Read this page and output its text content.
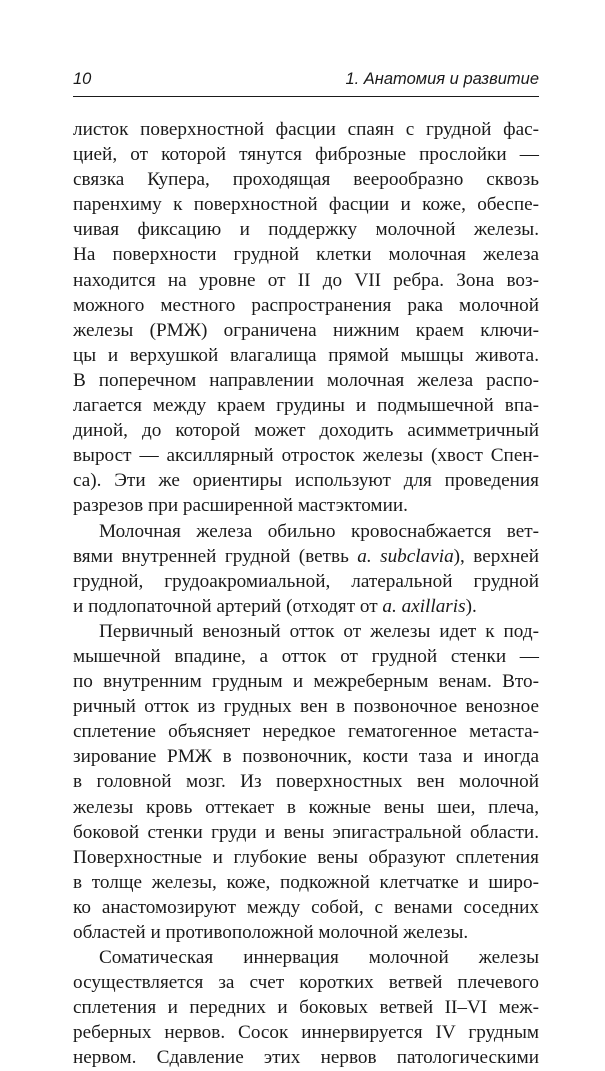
10	1. Анатомия и развитие
листок поверхностной фасции спаян с грудной фас-
цией, от которой тянутся фиброзные прослойки —
связка Купера, проходящая веерообразно сквозь
паренхиму к поверхностной фасции и коже, обеспе-
чивая фиксацию и поддержку молочной железы.
На поверхности грудной клетки молочная железа
находится на уровне от II до VII ребра. Зона воз-
можного местного распространения рака молочной
железы (РМЖ) ограничена нижним краем ключи-
цы и верхушкой влагалища прямой мышцы живота.
В поперечном направлении молочная железа распо-
лагается между краем грудины и подмышечной впа-
диной, до которой может доходить асимметричный
вырост — аксиллярный отросток железы (хвост Спен-
са). Эти же ориентиры используют для проведения
разрезов при расширенной мастэктомии.
Молочная железа обильно кровоснабжается вет-
вями внутренней грудной (ветвь a. subclavia), верхней
грудной, грудоакромиальной, латеральной грудной
и подлопаточной артерий (отходят от a. axillaris).
Первичный венозный отток от железы идет к под-
мышечной впадине, а отток от грудной стенки —
по внутренним грудным и межреберным венам. Вто-
ричный отток из грудных вен в позвоночное венозное
сплетение объясняет нередкое гематогенное метаста-
зирование РМЖ в позвоночник, кости таза и иногда
в головной мозг. Из поверхностных вен молочной
железы кровь оттекает в кожные вены шеи, плеча,
боковой стенки груди и вены эпигастральной области.
Поверхностные и глубокие вены образуют сплетения
в толще железы, коже, подкожной клетчатке и широ-
ко анастомозируют между собой, с венами соседних
областей и противоположной молочной железы.
Соматическая иннервация молочной железы
осуществляется за счет коротких ветвей плечевого
сплетения и передних и боковых ветвей II–VI меж-
реберных нервов. Сосок иннервируется IV грудным
нервом. Сдавление этих нервов патологическими
